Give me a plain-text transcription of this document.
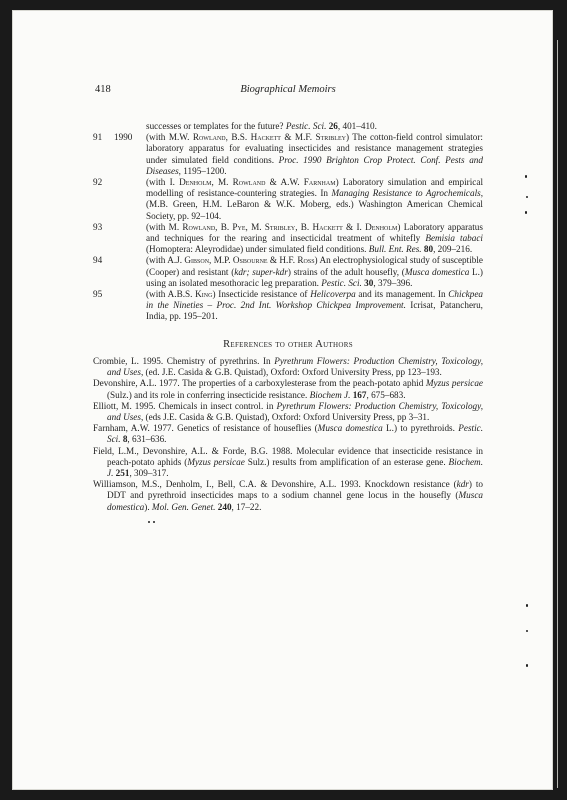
418	Biographical Memoirs
successes or templates for the future? Pestic. Sci. 26, 401–410.
91 1990 (with M.W. Rowland, B.S. Hackett & M.F. Stribley) The cotton-field control simulator: laboratory apparatus for evaluating insecticides and resistance management strategies under simulated field conditions. Proc. 1990 Brighton Crop Protect. Conf. Pests and Diseases, 1195–1200.
92	(with I. Denholm, M. Rowland & A.W. Farnham) Laboratory simulation and empirical modelling of resistance-countering strategies. In Managing Resistance to Agrochemicals, (M.B. Green, H.M. LeBaron & W.K. Moberg, eds.) Washington American Chemical Society, pp. 92–104.
93	(with M. Rowland, B. Pye, M. Stribley, B. Hackett & I. Denholm) Laboratory apparatus and techniques for the rearing and insecticidal treatment of whitefly Bemisia tabaci (Homoptera: Aleyrodidae) under simulated field conditions. Bull. Ent. Res. 80, 209–216.
94	(with A.J. Gibson, M.P. Osbourne & H.F. Ross) An electrophysiological study of susceptible (Cooper) and resistant (kdr; super-kdr) strains of the adult housefly, (Musca domestica L.) using an isolated mesothoracic leg preparation. Pestic. Sci. 30, 379–396.
95	(with A.B.S. King) Insecticide resistance of Helicoverpa and its management. In Chickpea in the Nineties – Proc. 2nd Int. Workshop Chickpea Improvement. Icrisat, Patancheru, India, pp. 195–201.
References to other Authors
Crombie, L. 1995. Chemistry of pyrethrins. In Pyrethrum Flowers: Production Chemistry, Toxicology, and Uses, (ed. J.E. Casida & G.B. Quistad), Oxford: Oxford University Press, pp 123–193.
Devonshire, A.L. 1977. The properties of a carboxylesterase from the peach-potato aphid Myzus persicae (Sulz.) and its role in conferring insecticide resistance. Biochem J. 167, 675–683.
Elliott, M. 1995. Chemicals in insect control. in Pyrethrum Flowers: Production Chemistry, Toxicology, and Uses, (eds J.E. Casida & G.B. Quistad), Oxford: Oxford University Press, pp 3–31.
Farnham, A.W. 1977. Genetics of resistance of houseflies (Musca domestica L.) to pyrethroids. Pestic. Sci. 8, 631–636.
Field, L.M., Devonshire, A.L. & Forde, B.G. 1988. Molecular evidence that insecticide resistance in peach-potato aphids (Myzus persicae Sulz.) results from amplification of an esterase gene. Biochem. J. 251, 309–317.
Williamson, M.S., Denholm, I., Bell, C.A. & Devonshire, A.L. 1993. Knockdown resistance (kdr) to DDT and pyrethroid insecticides maps to a sodium channel gene locus in the housefly (Musca domestica). Mol. Gen. Genet. 240, 17–22.
